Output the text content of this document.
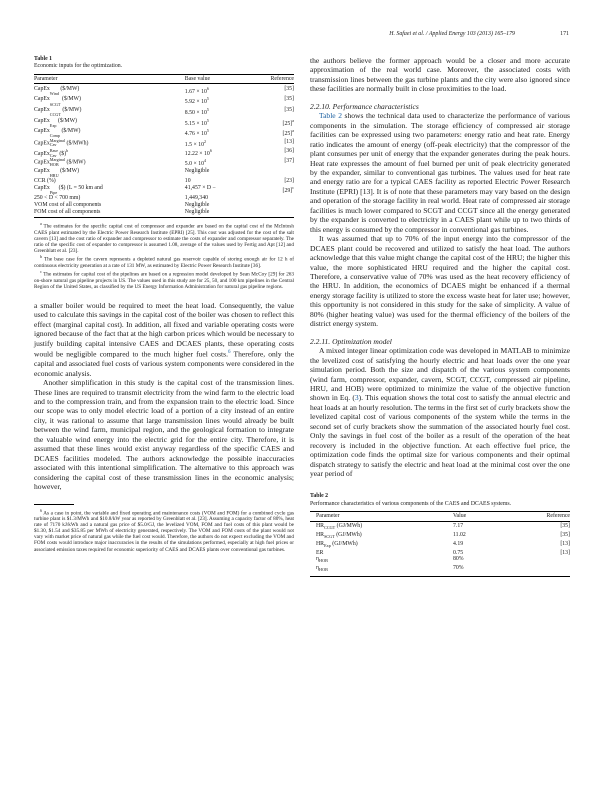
H. Safaei et al. / Applied Energy 103 (2013) 165–179	171
Table 1
Economic inputs for the optimization.
Parameter	Base value	Reference
CapEx
Wind
($/MW)	$1.67 \times 10^6$	[35]
CapEx
SCGT
($/MW)	$5.92 \times 10^5$	[35]
CapEx
CCGT
($/MW)	$8.50 \times 10^5$	[35]
CapEx
Exp
($/MW)	$5.15 \times 10^5$	$[25]^a$
CapEx
Comp
($/MW)	$4.76 \times 10^5$	$[25]^a$
CapEx
Marginal
Cav ($/MWh)	$1.5 \times 10^2$	[13]
CapEx
Base
Cav ($)$^b$	$12.22 \times 10^6$	[36]
CapEx
Marginal
HOB ($/MW)	$5.0 \times 10^4$	[37]
CapEx
HRU
($/MW)	Negligible	
CCR (%)	10	[23]
CapEx
Pipe
($) (L = 50 km and	41,457 × D −	$[29]^c$
250 < D < 700 mm)	1,449,340	
VOM cost of all components	Negligible	
FOM cost of all components	Negligible	

$^a$ The estimates for the specific capital cost of compressor and expander are based on the capital cost of the McIntosh CAES plant estimated by the Electric Power Research Institute (EPRI) [25]. This cost was adjusted for the cost of the salt cavern [13] and the cost ratio of expander and compressor to estimate the costs of expander and compressor separately. The ratio of the specific cost of expander to compressor is assumed 1.08, average of the values used by Fertig and Apt [12] and Greenblatt et al. [23].

$^b$ The base case for the cavern represents a depleted natural gas reservoir capable of storing enough air for 12 h of continuous electricity generation at a rate of 131 MW, as estimated by Electric Power Research Institute [36].

$^c$ The estimates for capital cost of the pipelines are based on a regression model developed by Sean McCoy [29] for 263 on-shore natural gas pipeline projects in US. The values used in this study are for 25, 50, and 100 km pipelines in the Central Region of the United States, as classified by the US Energy Information Administration for natural gas pipeline regions.

a smaller boiler would be required to meet the heat load. Consequently, the value used to calculate this savings in the capital cost of the boiler was chosen to reflect this effect (marginal capital cost). In addition, all fixed and variable operating costs were ignored because of the fact that at the high carbon prices which would be necessary to justify building capital intensive CAES and DCAES plants, these operating costs would be negligible compared to the much higher fuel costs.$^6$ Therefore, only the capital and associated fuel costs of various system components were considered in the economic analysis.

Another simplification in this study is the capital cost of the transmission lines. These lines are required to transmit electricity from the wind farm to the electric load and to the compression train, and from the expansion train to the electric load. Since our scope was to only model electric load of a portion of a city instead of an entire city, it was rational to assume that large transmission lines would already be built between the wind farm, municipal region, and the geological formation to integrate the valuable wind energy into the electric grid for the entire city. Therefore, it is assumed that these lines would exist anyway regardless of the specific CAES and DCAES facilities modeled. The authors acknowledge the possible inaccuracies associated with this intentional simplification. The alternative to this approach was considering the capital cost of these transmission lines in the economic analysis; however,

$^6$ As a case in point, the variable and fixed operating and maintenance costs (VOM and FOM) for a combined cycle gas turbine plant is $1.3/MWh and $10.8/kW year as reported by Greenblatt et al. [23]. Assuming a capacity factor of 80%, heat rate of 7170 kJ/kWh and a natural gas price of $5.0/GJ, the levelized VOM, FOM and fuel costs of this plant would be $1.30, $1.54 and $35.85 per MWh of electricity generated, respectively. The VOM and FOM costs of the plant would not vary with market price of natural gas while the fuel cost would. Therefore, the authors do not expect excluding the VOM and FOM costs would introduce major inaccuracies in the results of the simulations performed, especially at high fuel prices or associated emission taxes required for economic superiority of CAES and DCAES plants over conventional gas turbines.

the authors believe the former approach would be a closer and more accurate approximation of the real world case. Moreover, the associated costs with transmission lines between the gas turbine plants and the city were also ignored since these facilities are normally built in close proximities to the load.

2.2.10. Performance characteristics

Table 2 shows the technical data used to characterize the performance of various components in the simulation. The storage efficiency of compressed air storage facilities can be expressed using two parameters: energy ratio and heat rate. Energy ratio indicates the amount of energy (off-peak electricity) that the compressor of the plant consumes per unit of energy that the expander generates during the peak hours. Heat rate expresses the amount of fuel burned per unit of peak electricity generated by the expander, similar to conventional gas turbines. The values used for heat rate and energy ratio are for a typical CAES facility as reported Electric Power Research Institute (EPRI) [13]. It is of note that these parameters may vary based on the design and operation of the storage facility in real world. Heat rate of compressed air storage facilities is much lower compared to SCGT and CCGT since all the energy generated by the expander is converted to electricity in a CAES plant while up to two thirds of this energy is consumed by the compressor in conventional gas turbines.

It was assumed that up to 70% of the input energy into the compressor of the DCAES plant could be recovered and utilized to satisfy the heat load. The authors acknowledge that this value might change the capital cost of the HRU; the higher this value, the more sophisticated HRU required and the higher the capital cost. Therefore, a conservative value of 70% was used as the heat recovery efficiency of the HRU. In addition, the economics of DCAES might be enhanced if a thermal energy storage facility is utilized to store the excess waste heat for later use; however, this opportunity is not considered in this study for the sake of simplicity. A value of 80% (higher heating value) was used for the thermal efficiency of the boilers of the district energy system.

2.2.11. Optimization model

A mixed integer linear optimization code was developed in MATLAB to minimize the levelized cost of satisfying the hourly electric and heat loads over the one year simulation period. Both the size and dispatch of the various system components (wind farm, compressor, expander, cavern, SCGT, CCGT, compressed air pipeline, HRU, and HOB) were optimized to minimize the value of the objective function shown in Eq. (3). This equation shows the total cost to satisfy the annual electric and heat loads at an hourly resolution. The terms in the first set of curly brackets show the levelized capital cost of various components of the system while the terms in the second set of curly brackets show the summation of the associated hourly fuel cost. Only the savings in fuel cost of the boiler as a result of the operation of the heat recovery is included in the objective function. At each effective fuel price, the optimization code finds the optimal size for various components and their optimal dispatch strategy to satisfy the electric and heat load at the minimal cost over the one year period of

Table 2
Performance characteristics of various components of the CAES and DCAES systems.
Parameter	Value	Reference
$HR_{CCGT}$ (GJ/MWh)	7.17	[35]
$HR_{SCGT}$ (GJ/MWh)	11.02	[35]
$HR_{Exp}$ (GJ/MWh)	4.19	[13]
ER	0.75	[13]
$\eta_{HOB}$	80%	
$\eta_{HOB}$	70%	
